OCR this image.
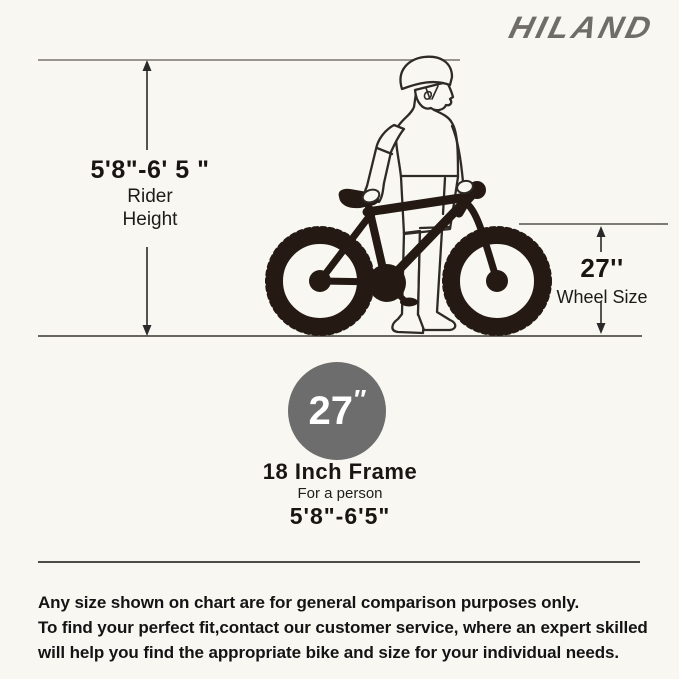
HILAND
5'8"-6' 5 "
Rider
Height
27''
Wheel Size
27 ″
18 Inch Frame
For a person
5'8"-6'5"
Any size shown on chart are for general comparison purposes only.
To find your perfect fit,contact our customer service, where an expert skilled
will help you find the appropriate bike and size for your individual needs.
